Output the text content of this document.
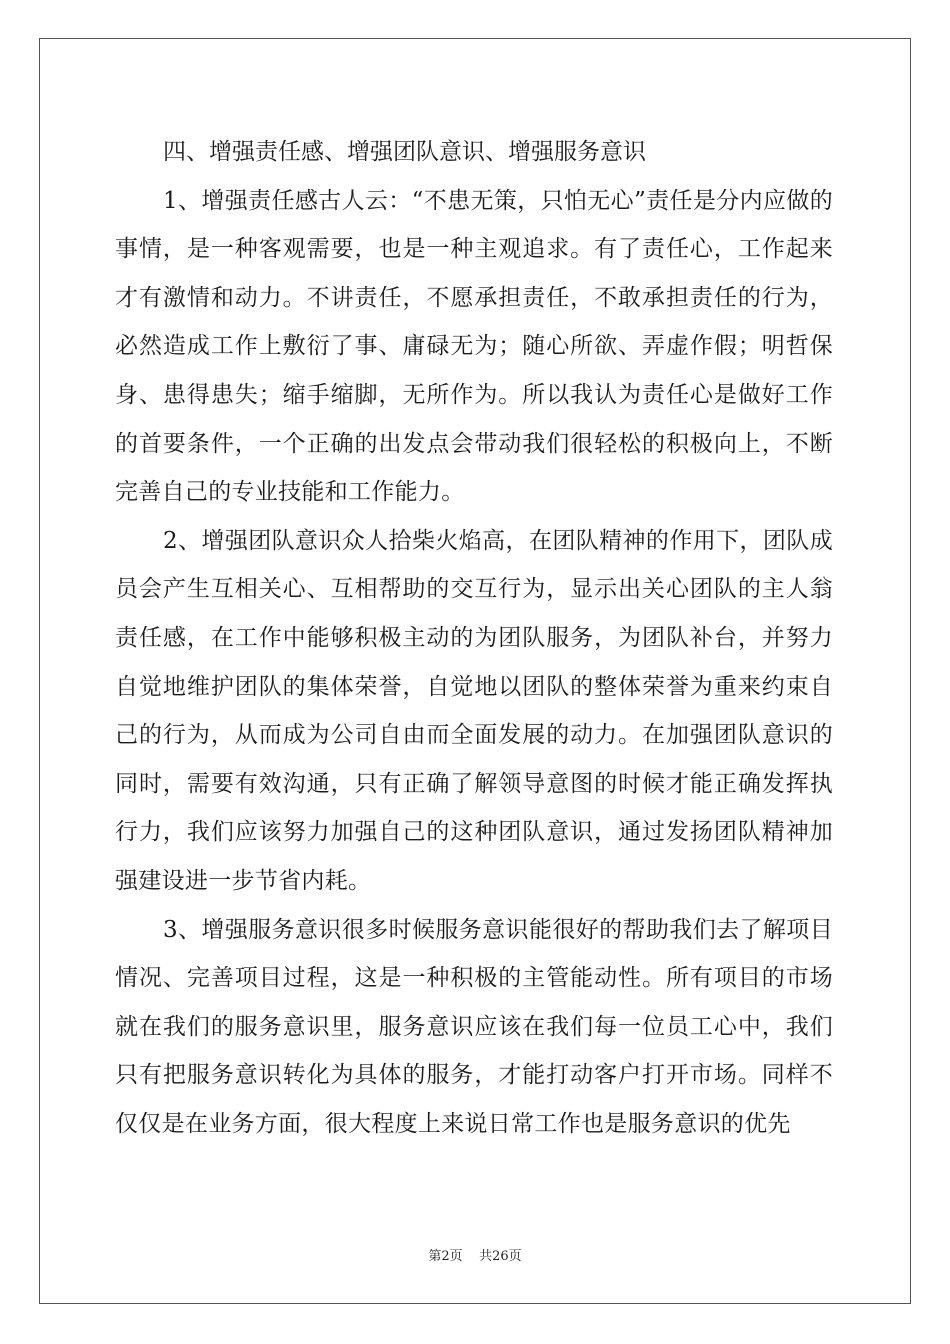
四、增强责任感、增强团队意识、增强服务意识

1、增强责任感古人云：“不患无策，只怕无心”责任是分内应做的事情，是一种客观需要，也是一种主观追求。有了责任心，工作起来才有激情和动力。不讲责任，不愿承担责任，不敢承担责任的行为，必然造成工作上敷衍了事、庸碌无为；随心所欲、弄虚作假；明哲保身、患得患失；缩手缩脚，无所作为。所以我认为责任心是做好工作的首要条件，一个正确的出发点会带动我们很轻松的积极向上，不断完善自己的专业技能和工作能力。

2、增强团队意识众人拾柴火焰高，在团队精神的作用下，团队成员会产生互相关心、互相帮助的交互行为，显示出关心团队的主人翁责任感，在工作中能够积极主动的为团队服务，为团队补台，并努力自觉地维护团队的集体荣誉，自觉地以团队的整体荣誉为重来约束自己的行为，从而成为公司自由而全面发展的动力。在加强团队意识的同时，需要有效沟通，只有正确了解领导意图的时候才能正确发挥执行力，我们应该努力加强自己的这种团队意识，通过发扬团队精神加强建设进一步节省内耗。

3、增强服务意识很多时候服务意识能很好的帮助我们去了解项目情况、完善项目过程，这是一种积极的主管能动性。所有项目的市场就在我们的服务意识里，服务意识应该在我们每一位员工心中，我们只有把服务意识转化为具体的服务，才能打动客户打开市场。同样不仅仅是在业务方面，很大程度上来说日常工作也是服务意识的优先

第2页 共26页
